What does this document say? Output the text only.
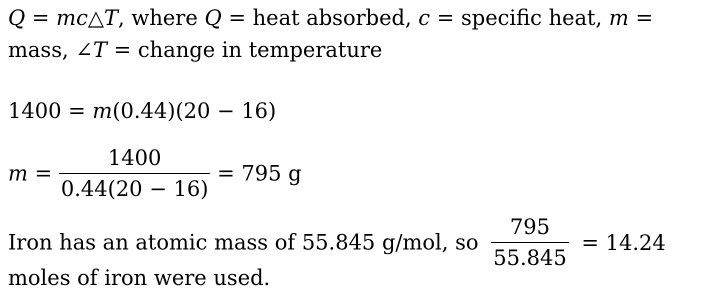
Q = mc△T, where Q = heat absorbed, c = specific heat, m =
mass, ∠T = change in temperature
1400 = m(0.44)(20 − 16)
$m = \frac{1400}{0.44(20 - 16)} = 795$ g
Iron has an atomic mass of 55.845 g/mol, so $\frac{795}{55.845} = 14.24$
moles of iron were used.
